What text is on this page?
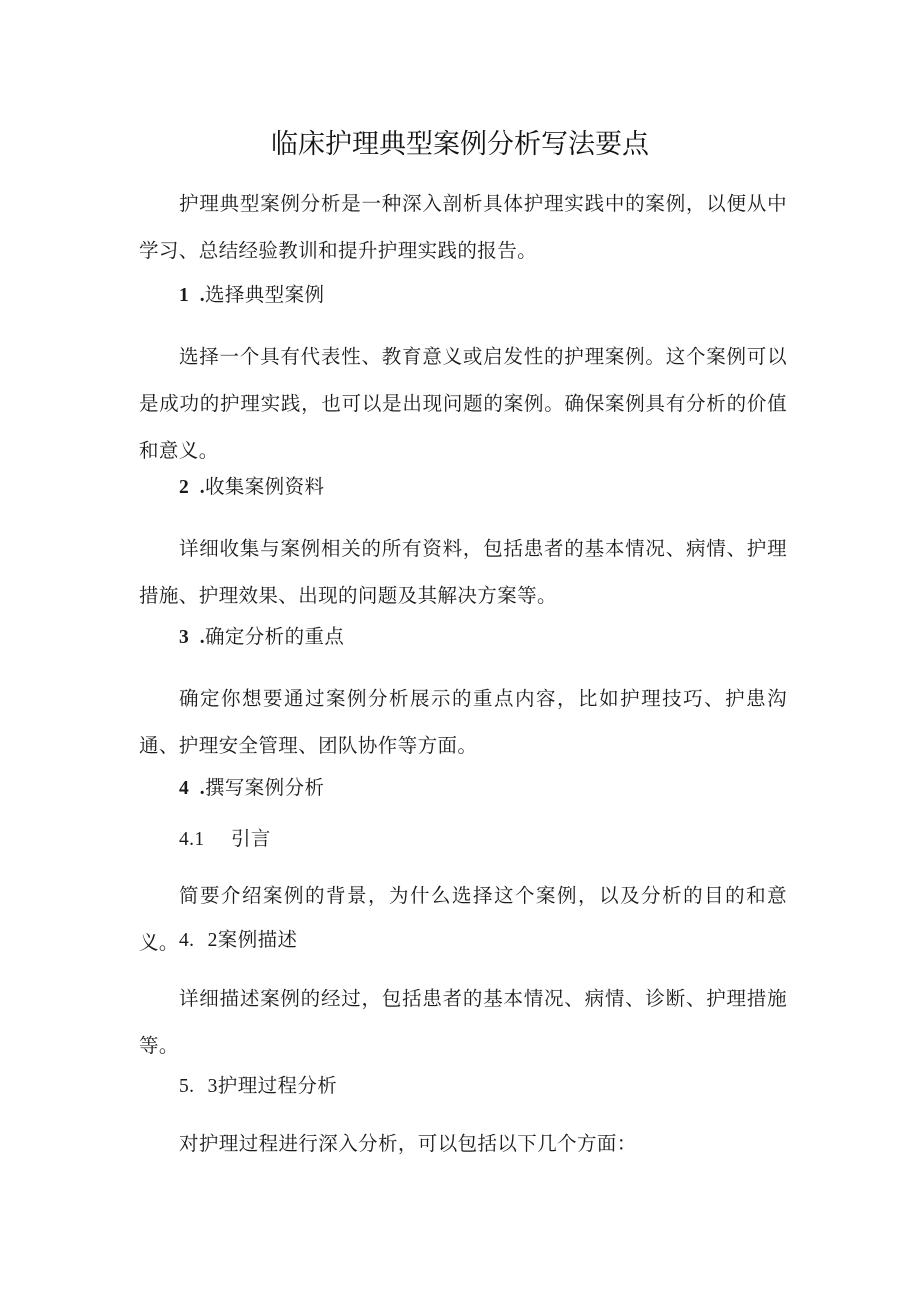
临床护理典型案例分析写法要点

护理典型案例分析是一种深入剖析具体护理实践中的案例，以便从中学习、总结经验教训和提升护理实践的报告。

1  .选择典型案例

选择一个具有代表性、教育意义或启发性的护理案例。这个案例可以是成功的护理实践，也可以是出现问题的案例。确保案例具有分析的价值和意义。

2  .收集案例资料

详细收集与案例相关的所有资料，包括患者的基本情况、病情、护理措施、护理效果、出现的问题及其解决方案等。

3  .确定分析的重点

确定你想要通过案例分析展示的重点内容，比如护理技巧、护患沟通、护理安全管理、团队协作等方面。

4  .撰写案例分析

4.1 引言

简要介绍案例的背景，为什么选择这个案例，以及分析的目的和意义。 4. 2案例描述

详细描述案例的经过，包括患者的基本情况、病情、诊断、护理措施等。

5. 3护理过程分析

对护理过程进行深入分析，可以包括以下几个方面：
